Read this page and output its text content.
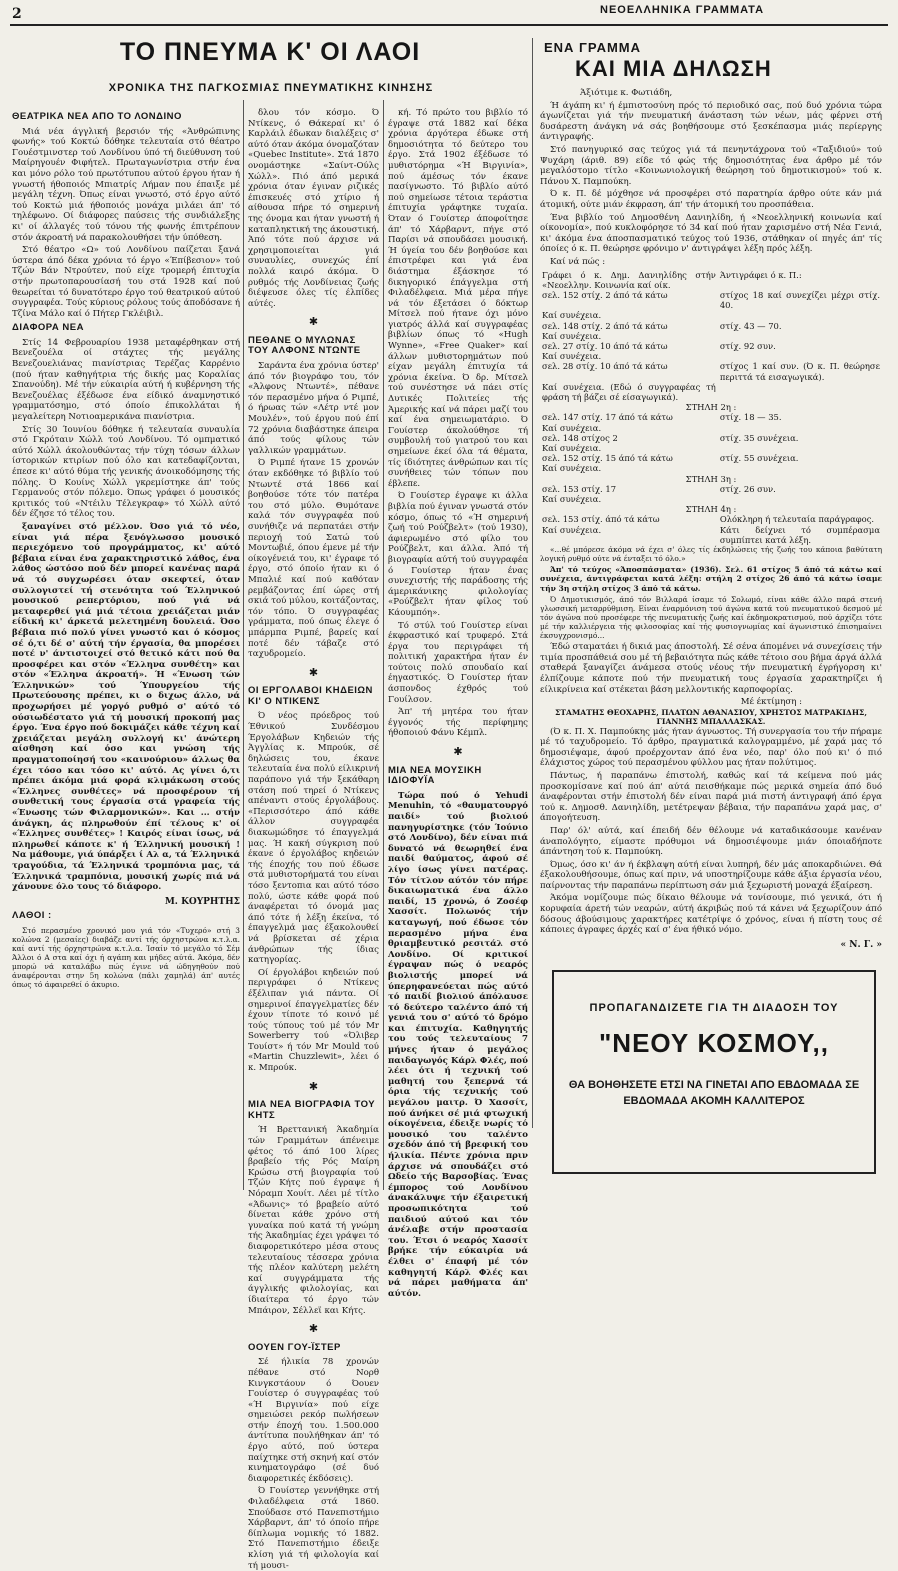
2	ΝΕΟΕΛΛΗΝΙΚΑ ΓΡΑΜΜΑΤΑ
ΤΟ ΠΝΕΥΜΑ Κ' ΟΙ ΛΑΟΙ
ΧΡΟΝΙΚΑ ΤΗΣ ΠΑΓΚΟΣΜΙΑΣ ΠΝΕΥΜΑΤΙΚΗΣ ΚΙΝΗΣΗΣ
ΘΕΑΤΡΙΚΑ ΝΕΑ ΑΠΟ ΤΟ ΛΟΝΔΙΝΟ

Μιά νέα άγγλική βερσιόν τής «Άνθρώπινης φωνής» τού Κοκτώ δόθηκε τελευταία στό θέατρο Γουέστμινστερ τού Λονδίνου ύπό τή διεύθυνση τού Μαίρηγουέν Φιφήτελ. Πρωταγωνίστρια στήν ένα και μόνο ρόλο τού πρωτότυπου αύτού έργου ήταν ή γνωστή ήθοποιός Μπιατρίς Λήμαν που έπαιξε μέ μεγάλη τέχνη. Όπως είναι γνωστό, στό έργο αύτό τού Κοκτώ μιά ήθοποιός μονάχα μιλάει άπ' τό τηλέφωνο. Οί διάφορες παύσεις τής συνδιάλεξης κι' οί άλλαγές τού τόνου τής φωνής έπιτρέπουν στόν άκροατή νά παρακολουθήσει τήν ύπόθεση.

Στό θέατρο «Ω» τού Λονδίνου παίζεται ξανά ύστερα άπό δέκα χρόνια τό έργο «Έπίβεσιον» τού Τζών Βάν Ντρούτεν, πού είχε τρομερή έπιτυχία στήν πρωτοπαρουσίασή του στά 1928 καί πού θεωρείται τό δυνατότερο έργο τού θεατρικού αύτού συγγραφέα. Τούς κύριους ρόλους τούς άποδόσανε ή Τζίνα Μάλο καί ό Πήτερ Γκλέιβιλ.

ΔΙΑΦΟΡΑ ΝΕΑ

Στίς 14 Φεβρουαρίου 1938 μεταφέρθηκαν στή Βενεζουέλα οί στάχτες τής μεγάλης Βενεζουελιάνας πιανίστριας Τερέζας Καρρένιο (πού ήταν καθηγήτρια τής δικής μας Κοραλίας Σπανούδη). Μέ τήν εύκαιρία αύτή ή κυβέρνηση τής Βενεζουέλας έξέδωσε ένα είδικό άναμνηστικό γραμματόσημο, στό όποίο έπικολλάται ή μεγαλείτερη Νοτιοαμερικάνα πιανίστρια.

Στίς 30 Ίουνίου δόθηκε ή τελευταία συναυλία στό Γκρόταιν Χώλλ τού Λονδίνου. Τό ομπματικό αύτό Χώλλ άκολουθώντας τήν τύχη τόσων άλλων ίστορικών κτιρίων πού όλο και κατεδαφίζονται, έπεσε κι' αύτό θύμα τής γενικής άνοικοδόμησης τής πόλης. Ό Κουίνς Χώλλ γκρεμίστηκε άπ' τούς Γερμανούς στόν πόλεμο. Όπως γράφει ό μουσικός κριτικός τού «Ντέιλυ Τέλεγκραφ» τό Χώλλ αύτό δέν έζησε τό τέλος του.

ξαναγίνει στό μέλλον. Όσο γιά τό νέο, είναι γιά πέρα ξενόγλωσσο μουσικό περιεχόμενο τού προγράμματος, κι' αύτό βέβαια είναι ένα χαρακτηριστικό λάθος, ένα λάθος ώστόσο πού δέν μπορεί κανένας παρά νά τό συγχωρέσει όταν σκεφτεί, όταν συλλογιστεί τή στενότητα τού Έλληνικού μουσικού ρεπερτόριου, πού γιά νά μεταφερθεί γιά μιά τέτοια χρειάζεται μιάν είδική κι' άρκετά μελετημένη δουλειά. Όσο βέβαια πιό πολύ γίνει γνωστό και ό κόσμος σέ ό,τι δέ σ' αύτή τήν έργασία, θα μπορέσει ποτέ ν' άντιστοιχεί στό θετικό κάτι πού θα προσφέρει και στόν «Έλληνα συνθέτη» και στόν «Έλληνα άκροατή». Ή «Ένωση τών Έλληνικών» τού Ύπουργείου τής Πρωτεύουσης πρέπει, κι ο διχως άλλο, νά προχωρήσει μέ γοργό ρυθμό σ' αύτό τό ούσιωδέστατο γιά τή μουσική προκοπή μας έργο. Ένα έργο πού δοκιμάζει κάθε τέχνη καί χρειάζεται μεγάλη συλλογή κι' άνώτερη αίσθηση καί όσο και γνώση τής πραγματοποίησή του «καινούριου» άλλως θα έχει τόσο και τόσο κι' αύτό. Ας γίνει ό,τι πρέπει άκόμα μιά φορά κλιμάκωση στούς «Έλληνες συνθέτες» νά προσφέρουν τή συνθετική τους έργασία στά γραφεία τής «Ένωσης τών Φιλαρμονικών». Και ... στήν άνάγκη, άς πληρωθούν έπί τέλους κ' οί «Έλληνες συνθέτες» ! Καιρός είναι ίσως, νά πληρωθεί κάποτε κ' ή Έλληνική μουσική ! Να μάθουμε, γιά ύπάρξει ί Αλ α, τά Έλληνικά τραγούδια, τά Έλληνικά τρομπόνια μας, τά Έλληνικά τραμπόνια, μουσική χωρίς πιά νά χάνουνε όλο τους τό διάφορο.

Μ. ΚΟΥΡΗΤΗΣ
ΛΑΘΟΙ :

Στό περασμένο χρονικό μου γιά τόν «Τυχερό» στή 3 κολώνα 2 (μεσαίες) διαβάζε αντί τής όρχηστρώνα κ.τ.λ.α. καί αντί τής όρχηστρώνα κ.τ.λ.α. Ίσαίν τό μεγάλο τό Σέμ Άλλοι ό Α στα καί όχι ή αγάπη και μήδες αύτά. Άκόμα, δέν μπορώ νά καταλάβω πώς έγινε νά ώδηγηθούν πού άναφέρονται στην 5η κολώνα (πάλι χαμηλά) άπ' αυτές όπως τό άφαιρεθεί ό άκυριο.

δλου τόν κόσμο. Ό Ντίκενς, ό Θάκεραί κι' ό Καρλάιλ έδωκαν διαλέξεις σ' αύτό όταν άκόμα όνομαζόταν «Quebec Institute». Στά 1870 ονομάστηκε «Σαίντ-Ούλς Χώλλ». Πιό άπό μερικά χρόνια όταν έγιναν ριζικές έπισκευές στό χτίριο ή αίθουσα πήρε τό σημερινή της όνομα και ήταν γνωστή ή καταπληκτική της άκουστική. Άπό τότε πού άρχισε νά χρησιμοποιείται γιά συναυλίες, συνεχώς έπί πολλά καιρό άκόμα. Ό ρυθμός τής Λονδίνειας ζωής διέψευσε όλες τίς έλπίδες αύτές.

✱
ΠΕΘΑΝΕ Ο ΜΥΛΩΝΑΣ ΤΟΥ ΑΛΦΟΝΣ ΝΤΩΝΤΕ

Σαράντα ένα χρόνια ύστερ' άπό τόν βιογράφο του, τόν «Άλφονς Ντωντέ», πέθανε τόν περασμένο μήνα ό Ριμπέ, ό ήρωας τών «Λέτρ ντέ μον Μουλέν», τού έργου πού έπί 72 χρόνια διαβάστηκε άπειρα άπό τούς φίλους τών γαλλικών γραμμάτων.

Ό Ριμπέ ήτανε 15 χρονών όταν εκδόθηκε τό βιβλίο τού Ντωντέ στά 1866 καί βοηθούσε τότε τόν πατέρα του στό μύλο. Θυμότανε καλά τόν συγγραφέα πού συνήθιζε νά περπατάει στήν περιοχή τού Σατώ τού Μοντωβιέ, όπου έμενε μέ τήν οίκογένειά του, κι' έγραφε τό έργο, στό όποίο ήταν κι ό Μπαλιέ καί πού καθόταν ρεμβάζοντας έπί ώρες στή σκιά τού μύλου, κοιτάζοντας, τόν τόπο. Ό συγγραφέας γράμματα, πού όπως έλεγε ό μπάρμπα Ριμπέ, βαρείς καί ποτέ δέν τάβαζε στό ταχυδρομείο.

✱
ΟΙ ΕΡΓΟΛΑΒΟΙ ΚΗΔΕΙΩΝ ΚΙ' Ο ΝΤΙΚΕΝΣ

Ό νέος πρόεδρος τού Έθνικού Συνδέσμου Έργολάβων Κηδειών τής Άγγλίας κ. Μπρούκ, σέ δηλώσεις του, έκανε τελευταία ένα πολύ είλικρινή παράπονο γιά τήν ξεκάθαρη στάση πού τηρεί ό Ντίκενς απέναντι στούς έργολάβους. «Περισσότερο άπό κάθε άλλον συγγραφέα διακωμώδησε τό έπαγγελμά μας. Ή κακή σύγκριση πού έκανε ό έργολάβος κηδειών τής έποχής του πού έδωσε στά μυθιστορήματά του είναι τόσο ξεντοπια και αύτό τόσο πολύ, ώστε κάθε φορά πού άναφέρεται τό όνομά μας άπό τότε ή λέξη έκείνα, τό έπαγγελμά μας έξακολουθεί νά βρίσκεται σέ χέρια άνθρώπων τής ίδιας κατηγορίας.

Οί έργολάβοι κηδειών πού περιγράφει ό Ντίκενς έξέλιπαν γιά πάντα. Οί σημερινοί έπαγγελματίες δέν έχουν τίποτε τό κοινό μέ τούς τύπους τού μέ τόν Mr Sowerberry τού «Όλιβερ Τουίστ» ή τόν Mr Mould τού «Martin Chuzzlewit», λέει ό κ. Μπρούκ.

✱
ΜΙΑ ΝΕΑ ΒΙΟΓΡΑΦΙΑ ΤΟΥ ΚΗΤΣ

Ή Βρεττανική Άκαδημία τών Γραμμάτων άπένειμε φέτος τό άπό 100 λίρες βραβείο τής Ρός Μαίρη Κρώσω στή βιογραφία τού Τζών Κήτς πού έγραψε ή Νόραμπ Χουίτ. Λέει μέ τίτλο «Άδωνις» τό βραβείο αύτό δίνεται κάθε χρόνο στή γυναίκα πού κατά τή γνώμη τής Άκαδημίας έχει γράψει τό διαφορετικότερο μέσα στους τελευταίους τέσσερα χρόνια τής πλέον καλύτερη μελέτη καί συγγράμματα τής άγγλικής φιλολογίας, και ίδιαίτερα τό έργο τών Μπάιρον, Σέλλεϊ και Κήτς.

✱
ΟΟΥΕΝ ΓΟΥ-ΪΣΤΕΡ

Σέ ήλικία 78 χρονών πέθανε στό Νορθ Κινγκστάουν ό Όουεν Γουίστερ ό συγγραφέας τού «Ή Βιργινία» πού είχε σημειώσει ρεκόρ πωλήσεων στήν έποχή του. 1.500.000 άντίτυπα πουλήθηκαν άπ' τό έργο αύτό, πού ύστερα παίχτηκε στή σκηνή καί στόν κινηματογράφο (σέ δυό διαφορετικές έκδόσεις).

Ό Γουίστερ γεννήθηκε στή Φιλαδέλφεια στά 1860. Σπούδασε στό Πανεπιστήμιο Χάρβαρντ, άπ' τό όποίο πήρε δίπλωμα νομικής τό 1882. Στό Πανεπιστήμιο έδειξε κλίση γιά τή φιλολογία καί τή μουσι-

κή. Τό πρώτο του βιβλίο τό έγραψε στά 1882 καί δέκα χρόνια άργότερα έδωκε στή δημοσιότητα τό δεύτερο του έργο. Στά 1902 έξέδωσε τό μυθιστόρημα «Ή Βιργινία», πού άμέσως τόν έκανε πασίγνωστο. Τό βιβλίο αύτό πού σημείωσε τέτοια τεράστια έπιτυχία γράφτηκε τυχαία. Όταν ό Γουίστερ άποφοίτησε άπ' τό Χάρβαρντ, πήγε στό Παρίσι νά σπουδάσει μουσική. Ή ύγεία του δέν βοηθούσε και έπιστρέφει και γιά ένα διάστημα έξάσκησε τό δικηγορικό έπάγγελμα στή Φιλαδέλφεια. Μιά μέρα πήγε νά τόν έξετάσει ό δόκτωρ Μίτσελ πού ήτανε όχι μόνο γιατρός άλλά καί συγγραφέας βιβλίων όπως τό «Hugh Wynne», «Free Quaker» καί άλλων μυθιστορημάτων πού είχαν μεγάλη έπιτυχία τά χρόνια έκείνα. Ό δρ. Μίτσελ τού συνέστησε νά πάει στίς Δυτικές Πολιτείες τής Άμερικής καί νά πάρει μαζί του καί ένα σημειωματάριο. Ό Γουίστερ άκολούθησε τή συμβουλή τού γιατρού του και σημείωνε έκεί όλα τά θέματα, τίς ίδιότητες άνθρώπων και τίς συνήθειες τών τόπων που έβλεπε.

Ό Γουίστερ έγραψε κι άλλα βιβλία πού έγιναν γνωστά στόν κόσμο, όπως τό «Ή σημερινή ζωή τού Ρούζβελτ» (τού 1930), άφιερωμένο στό φίλο του Ρούζβελτ, και άλλα. Άπό τή βιογραφία αύτή τού συγγραφέα ό Γουίστερ ήταν ένας συνεχιστής τής παράδοσης τής άμερικάνικης φιλολογίας «Ρούζβελτ ήταν φίλος τού Κάουμπόη».

Τό στύλ τού Γουίστερ είναι έκφραστικό καί τρυφερό. Στά έργα του περιγράφει τή πολιτική χαρακτήρα ήταν έν τούτοις πολύ σπουδαίο καί έηγαστικός. Ό Γουίστερ ήταν άσπονδος έχθρός τού Γουίλσον.

Άπ' τή μητέρα του ήταν έγγονός τής περίφημης ήθοποιού Φάνυ Κέμπλ.

✱
ΜΙΑ ΝΕΑ ΜΟΥΣΙΚΗ ΙΔΙΟΦΥΪΑ

Τώρα πού ό Yehudi Menuhin, τό «θαυματουργό παιδί» τού βιολιού πανηγυρίστηκε (τόν Ίούνιο στό Λονδίνο), δέν είναι πιά δυνατό νά θεωρηθεί ένα παιδί θαύματος, άφού σέ λίγο ίσως γίνει πατέρας. Τόν τίτλον αύτόν τόν πήρε δικαιωματικά ένα άλλο παιδί, 15 χρονώ, ό Ζοσέφ Χασσίτ. Πολωνός τήν καταγωγή, πού έδωσε τόν περασμένο μήνα ένα θριαμβευτικό ρεσιτάλ στό Λονδίνο. Οί κριτικοί έγραψαν πώς ό νεαρός βιολιστής μπορεί νά ύπερηφανεύεται πώς αύτό τό παιδί βιολιού άπόλαυσε τό δεύτερο ταλέντο άπό τή γενιά του σ' αύτό τό δρόμο και έπιτυχία. Καθηγητής του τούς τελευταίους 7 μήνες ήταν ό μεγάλος παιδαγωγός Κάρλ Φλές, πού λέει ότι ή τεχνική τού μαθητή του ξεπερνά τά όρια τής τεχνικής τού μεγάλου μαιτρ. Ό Χασσίτ, πού άνήκει σέ μιά φτωχική οίκογένεια, έδειξε νωρίς τό μουσικό του ταλέντο σχεδόν άπό τή βρεφική του ήλικία. Πέντε χρόνια πριν άρχισε νά σπουδάζει στό Ωδείο τής Βαρσοβίας. Ένας έμπορος τού Λονδίνου άνακάλυψε τήν έξαιρετική προσωπικότητα τού παιδιού αύτού και τόν άνέλαβε στήν προστασία του. Έτσι ό νεαρός Χασσίτ βρήκε τήν εύκαιρία νά έλθει σ' έπαφή μέ τόν καθηγητή Κάρλ Φλές και νά πάρει μαθήματα άπ' αύτόν.

ΕΝΑ ΓΡΑΜΜΑ
ΚΑΙ ΜΙΑ ΔΗΛΩΣΗ

Άξιότιμε κ. Φωτιάδη,

Ή άγάπη κι' ή έμπιστοσύνη πρός τό περιοδικό σας, πού δυό χρόνια τώρα άγωνίζεται γιά τήν πνευματική άνάσταση τών νέων, μάς φέρνει στή δυσάρεστη άνάγκη νά σάς βοηθήσουμε στό ξεσκέπασμα μιάς περίεργης άντιγραφής.

Στό πανηγυρικό σας τεύχος γιά τά πενηντάχρονα τού «Ταξιδιού» τού Ψυχάρη (άριθ. 89) είδε τό φώς τής δημοσιότητας ένα άρθρο μέ τόν μεγαλόστομο τίτλο «Κοινωνιολογική θεώρηση τού δημοτικισμού» τού κ. Πάνου Χ. Παμπούκη.

Ό κ. Π. δέ μόχθησε νά προσφέρει στό παρατηρία άρθρο ούτε κάν μιά άτομική, ούτε μιάν έκφραση, άπ' τήν άτομική του προσπάθεια.

Ένα βιβλίο τού Δημοσθένη Δανιηλίδη, ή «Νεοελληνική κοινωνία καί οίκονομία», πού κυκλοφόρησε τό 34 καί πού ήταν χαρισμένο στή Νέα Γενιά, κι' άκόμα ένα άποσπασματικό τεύχος τού 1936, στάθηκαν οί πηγές άπ' τίς όποίες ό κ. Π. θεώρησε φρόνιμο ν' άντιγράψει λέξη πρός λέξη.

Καί νά πώς :

Γράφει ό κ. Δημ. Δανιηλίδης στήν «Νεοελλην. Κοινωνία καί οίκ.	Άντιγράφει ό κ. Π.:
σελ. 152 στίχ. 2 άπό τά κάτω	στίχος 18 καί συνεχίζει μέχρι στίχ. 40.
Καί συνέχεια.	
σελ. 148 στίχ. 2 άπό τά κάτω	στίχ. 43 — 70.
Καί συνέχεια.	
σελ. 27 στίχ. 10 άπό τά κάτω	στίχ. 92 συν.
Καί συνέχεια.	
σελ. 28 στίχ. 10 άπό τά κάτω	στίχος 1 καί συν. (Ό κ. Π. θεώρησε περιττά τά εισαγωγικά).
Καί συνέχεια. (Εδώ ό συγγραφέας τή φράση τή βάζει σέ είσαγωγικά).	
ΣΤΗΛΗ 2η :	
σελ. 147 στίχ. 17 άπό τά κάτω	στίχ. 18 — 35.
Καί συνέχεια.	
σελ. 148 στίχος 2	στίχ. 35 συνέχεια.
Καί συνέχεια.	
σελ. 152 στίχ. 15 άπό τά κάτω	στίχ. 55 συνέχεια.
Καί συνέχεια.	
ΣΤΗΛΗ 3η :	
σελ. 153 στίχ. 17	στίχ. 26 συν.
Καί συνέχεια.	
ΣΤΗΛΗ 4η :	
σελ. 153 στίχ. άπό τά κάτω	Ολόκληρη ή τελευταία παράγραφος.
Καί συνέχεια.	Κάτι δείχνει τό συμπέρασμα συμπίπτει κατά λέξη.

«...θέ μπόρεσε άκόμα νά έχει σ' όλες τίς έκδηλώσεις τής ζωής του κάποια βαθύτατη λογική ρυθμό ούτε νά ένταξει τό όλο.»

Άπ' τό τεύχος «Άποσπάσματα» (1936). Σελ. 61 στίχος 5 άπό τά κάτω καί συνέχεια, άντιγράφεται κατά λέξη: στήλη 2 στίχος 26 άπό τά κάτω ίσαμε τήν 3η στήλη στίχος 3 άπό τά κάτω.

Ό Δημοτικισμός, άπό τόν Βιλλαρά ίσαμε τό Σολωμό, είναι κάθε άλλο παρά στενή γλωσσική μεταρρύθμιση. Είναι έναρμόνιση τού άγώνα κατά τού πνευματικού δεσμού μέ τόν άγώνα πού προσέφερε τής πνευματικής ζωής καί έκδημοκρατισμού, πού άρχίζει τότε μέ τήν καλλιέργεια τής φιλοσοφίας καί τής φυσιογνωμίας καί άγωνιστικό έπισημαίνει έκσυγχρονισμό...

Έδώ σταματάει ή δικιά μας άποστολή. Σέ σένα άπομένει νά συνεχίσεις τήν τιμία προσπάθειά σου μέ τή βεβαιότητα πώς κάθε τέτοιο σου βήμα άργά άλλά σταθερά ξαναγίζει άνάμεσα στούς νέους τήν πνευματική έγρήγορση κι' έλπίζουμε κάποτε πού τήν πνευματική τους έργασία χαρακτηρίζει ή είλικρίνεια καί στέκεται βάση μελλοντικής καρποφορίας.

Μέ έκτίμηση :
ΣΤΑΜΑΤΗΣ ΘΕΟΧΑΡΗΣ, ΠΛΑΤΩΝ ΑΘΑΝΑΣΙΟΥ, ΧΡΗΣΤΟΣ ΜΑΤΡΑΚΙΔΗΣ, ΓΙΑΝΝΗΣ ΜΠΑΛΛΑΣΚΑΣ.

(Ό κ. Π. Χ. Παμπούκης μάς ήταν άγνωστος. Τή συνεργασία του τήν πήραμε μέ τό ταχυδρομείο. Τό άρθρο, πραγματικά καλογραμμένο, μέ χαρά μας τό δημοσιέψαμε, άφού προέρχονταν άπό ένα νέο, παρ' όλο πού κι' ό πιό έλάχιστος χώρος τού περασμένου φύλλου μας ήταν πολύτιμος.

Πάντως, ή παραπάνω έπιστολή, καθώς καί τά κείμενα πού μάς προσκομίσανε καί πού άπ' αύτά πεισθήκαμε πώς μερικά σημεία άπό δυό άναφέρονται στήν έπιστολή δέν είναι παρά μιά πιστή άντιγραφή άπό έργα τού κ. Δημοσθ. Δανιηλίδη, μετέτρεψαν βέβαια, τήν παραπάνω χαρά μας, σ' άπογοήτευση.

Παρ' όλ' αύτά, καί έπειδή δέν θέλουμε νά καταδικάσουμε κανέναν άναπολόγητο, είμαστε πρόθυμοι νά δημοσιέψουμε μιάν όποιαδήποτε άπάντηση τού κ. Παμπούκη.

Όμως, όσο κι' άν ή έκβλαψη αύτή είναι λυπηρή, δέν μάς αποκαρδιώνει. Θά έξακολουθήσουμε, όπως καί πριν, νά υποστηρίζουμε κάθε άξια έργασία νέου, παίρνοντας τήν παραπάνω περίπτωση σάν μιά ξεχωριστή μοναχά έξαίρεση.

Άκόμα νομίζουμε πώς δίκαιο θέλουμε νά τονίσουμε, πιό γενικά, ότι ή κορυφαία άρετή τών νεαρών, αύτή άκριβώς πού τά κάνει νά ξεχωρίζουν άπό δόσους άβούσιμους χαρακτήρες κατέτρίψε ό χρόνος, είναι ή πίστη τους σέ κάποιες άγραφες άρχές καί σ' ένα ήθικό νόμο.

« Ν. Γ. »
ΠΡΟΠΑΓΑΝΔΙΖΕΤΕ ΓΙΑ ΤΗ ΔΙΑΔΟΣΗ ΤΟΥ
"ΝΕΟΥ ΚΟΣΜΟΥ,,
ΘΑ ΒΟΗΘΗΣΕΤΕ ΕΤΣΙ ΝΑ ΓΙΝΕΤΑΙ ΑΠΟ ΕΒΔΟΜΑΔΑ ΣΕ ΕΒΔΟΜΑΔΑ ΑΚΟΜΗ ΚΑΛΛΙΤΕΡΟΣ
